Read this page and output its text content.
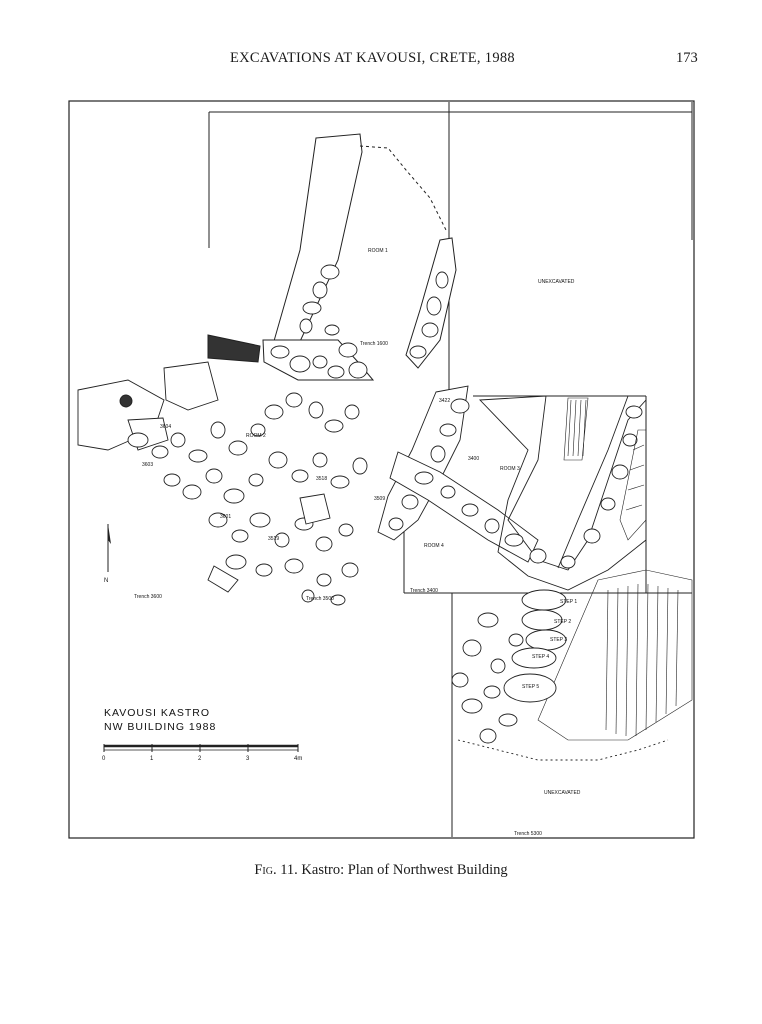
EXCAVATIONS AT KAVOUSI, CRETE, 1988	173
N
KAVOUSI KASTRO
NW BUILDING 1988
0	1	2	3	4m
ROOM 1
ROOM 2
ROOM 3
ROOM 4
UNEXCAVATED
UNEXCAVATED
Trench 1600
Trench 3600	Trench 3500
Trench 3400
Trench 5300
3422
3400
3604
3603
3518
3519
3601
3509
STEP 1
STEP 2
STEP 3
STEP 4
STEP 5
Fig. 11. Kastro: Plan of Northwest Building
